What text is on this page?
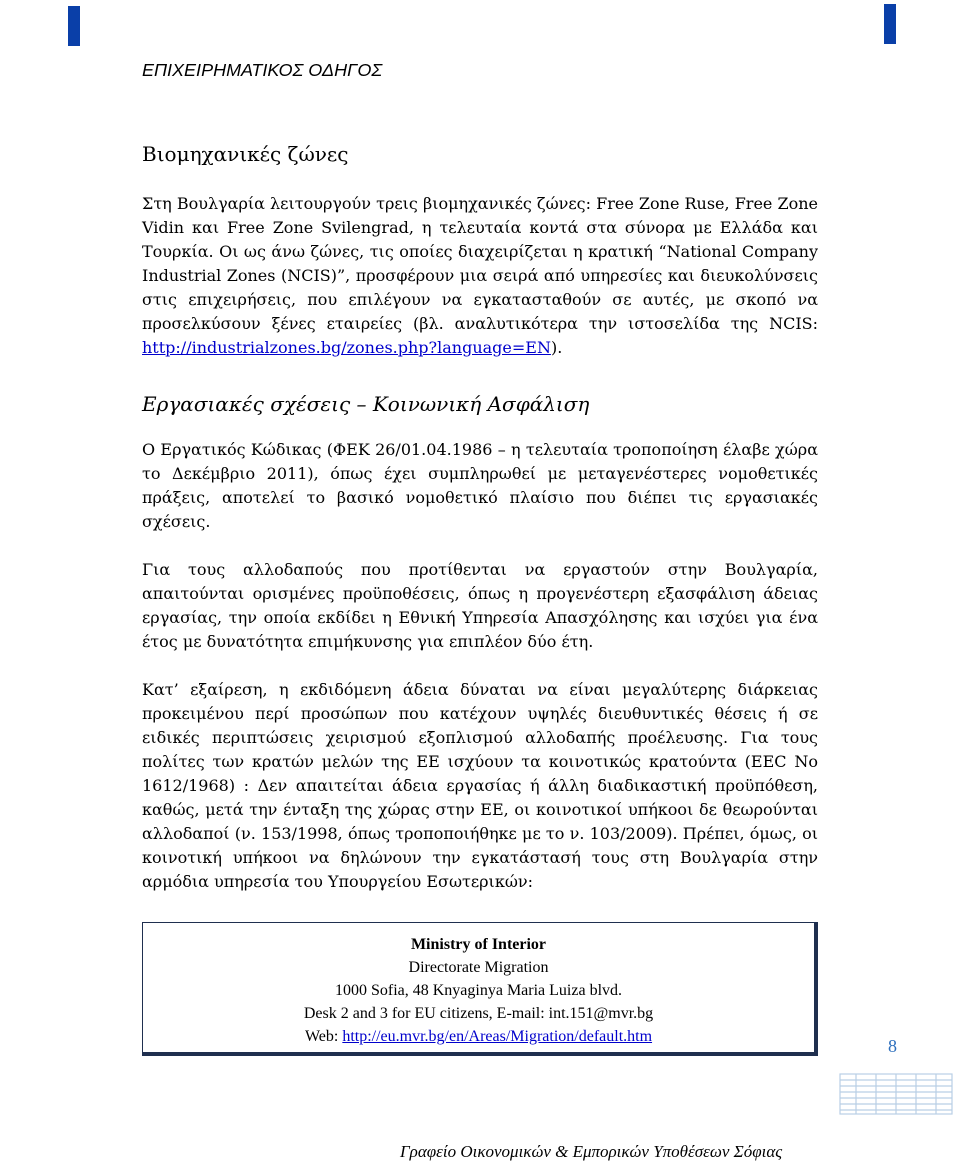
ΕΠΙΧΕΙΡΗΜΑΤΙΚΟΣ ΟΔΗΓΟΣ
Βιομηχανικές ζώνες

Στη Βουλγαρία λειτουργούν τρεις βιομηχανικές ζώνες: Free Zone Ruse, Free Zone Vidin και Free Zone Svilengrad, η τελευταία κοντά στα σύνορα με Ελλάδα και Τουρκία. Οι ως άνω ζώνες, τις οποίες διαχειρίζεται η κρατική “National Company Industrial Zones (NCIS)”, προσφέρουν μια σειρά από υπηρεσίες και διευκολύνσεις στις επιχειρήσεις, που επιλέγουν να εγκατασταθούν σε αυτές, με σκοπό να προσελκύσουν ξένες εταιρείες (βλ. αναλυτικότερα την ιστοσελίδα της NCIS: http://industrialzones.bg/zones.php?language=EN).

Εργασιακές σχέσεις – Κοινωνική Ασφάλιση

Ο Εργατικός Κώδικας (ΦΕΚ 26/01.04.1986 – η τελευταία τροποποίηση έλαβε χώρα το Δεκέμβριο 2011), όπως έχει συμπληρωθεί με μεταγενέστερες νομοθετικές πράξεις, αποτελεί το βασικό νομοθετικό πλαίσιο που διέπει τις εργασιακές σχέσεις.

Για τους αλλοδαπούς που προτίθενται να εργαστούν στην Βουλγαρία, απαιτούνται ορισμένες προϋποθέσεις, όπως η προγενέστερη εξασφάλιση άδειας εργασίας, την οποία εκδίδει η Εθνική Υπηρεσία Απασχόλησης και ισχύει για ένα έτος με δυνατότητα επιμήκυνσης για επιπλέον δύο έτη.

Κατ’ εξαίρεση, η εκδιδόμενη άδεια δύναται να είναι μεγαλύτερης διάρκειας προκειμένου περί προσώπων που κατέχουν υψηλές διευθυντικές θέσεις ή σε ειδικές περιπτώσεις χειρισμού εξοπλισμού αλλοδαπής προέλευσης. Για τους πολίτες των κρατών μελών της ΕΕ ισχύουν τα κοινοτικώς κρατούντα (EEC No 1612/1968) : Δεν απαιτείται άδεια εργασίας ή άλλη διαδικαστική προϋπόθεση, καθώς, μετά την ένταξη της χώρας στην ΕΕ, οι κοινοτικοί υπήκοοι δε θεωρούνται αλλοδαποί (ν. 153/1998, όπως τροποποιήθηκε με το ν. 103/2009). Πρέπει, όμως, οι κοινοτική υπήκοοι να δηλώνουν την εγκατάστασή τους στη Βουλγαρία στην αρμόδια υπηρεσία του Υπουργείου Εσωτερικών:

Ministry of Interior
Directorate Migration
1000 Sofia, 48 Knyaginya Maria Luiza blvd.
Desk 2 and 3 for EU citizens, E-mail: int.151@mvr.bg
Web: http://eu.mvr.bg/en/Areas/Migration/default.htm	8
Γραφείο Οικονομικών & Εμπορικών Υποθέσεων Σόφιας
